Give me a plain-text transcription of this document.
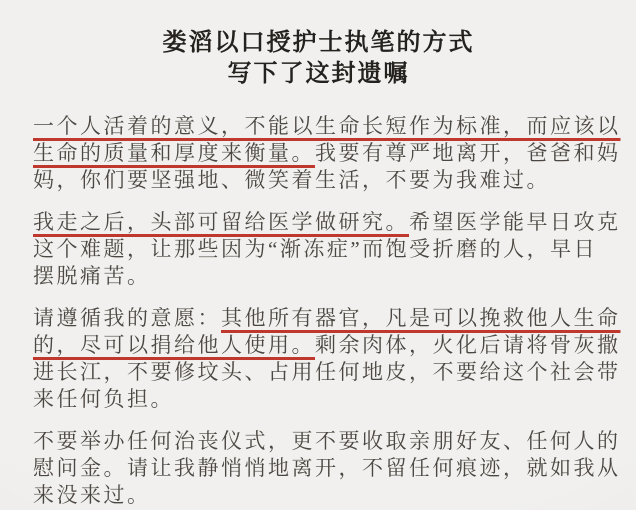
娄滔以口授护士执笔的方式
写下了这封遗嘱

一个人活着的意义，不能以生命长短作为标准，而应该以
生命的质量和厚度来衡量。我要有尊严地离开，爸爸和妈
妈，你们要坚强地、微笑着生活，不要为我难过。

我走之后，头部可留给医学做研究。希望医学能早日攻克
这个难题，让那些因为“渐冻症”而饱受折磨的人，早日
摆脱痛苦。

请遵循我的意愿：其他所有器官，凡是可以挽救他人生命
的，尽可以捐给他人使用。剩余肉体，火化后请将骨灰撒
进长江，不要修坟头、占用任何地皮，不要给这个社会带
来任何负担。

不要举办任何治丧仪式，更不要收取亲朋好友、任何人的
慰问金。请让我静悄悄地离开，不留任何痕迹，就如我从
来没来过。
